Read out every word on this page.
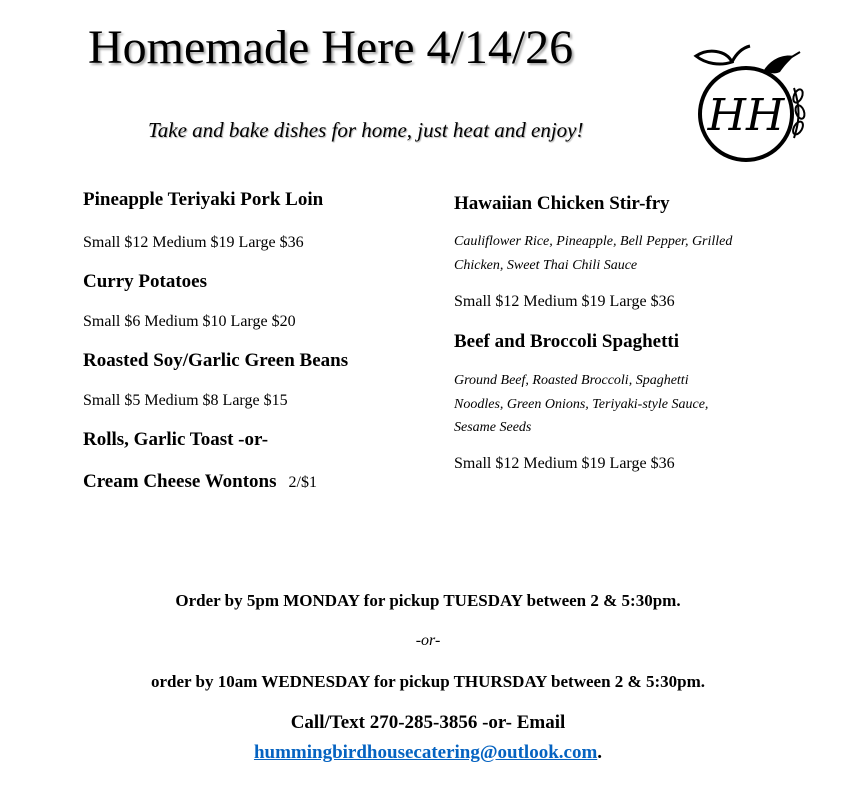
Homemade Here 4/14/26
Take and bake dishes for home, just heat and enjoy!	HH
Pineapple Teriyaki Pork Loin
Small $12 Medium $19 Large $36
Curry Potatoes
Small $6 Medium $10 Large $20
Roasted Soy/Garlic Green Beans
Small $5 Medium $8 Large $15
Rolls, Garlic Toast -or-
Cream Cheese Wontons 2/$1
Hawaiian Chicken Stir-fry
Cauliflower Rice, Pineapple, Bell Pepper, Grilled
Chicken, Sweet Thai Chili Sauce
Small $12 Medium $19 Large $36
Beef and Broccoli Spaghetti
Ground Beef, Roasted Broccoli, Spaghetti
Noodles, Green Onions, Teriyaki-style Sauce,
Sesame Seeds
Small $12 Medium $19 Large $36
Order by 5pm MONDAY for pickup TUESDAY between 2 & 5:30pm.
-or-
order by 10am WEDNESDAY for pickup THURSDAY between 2 & 5:30pm.
Call/Text 270-285-3856 -or- Email
hummingbirdhousecatering@outlook.com.
